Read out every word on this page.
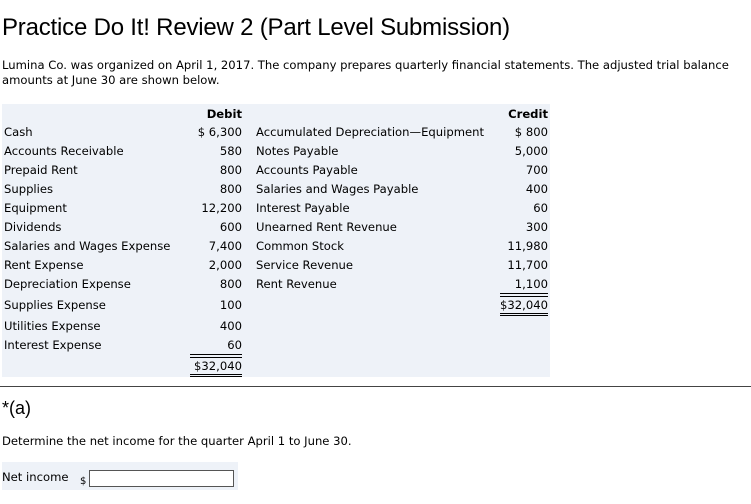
Practice Do It! Review 2 (Part Level Submission)
Lumina Co. was organized on April 1, 2017. The company prepares quarterly financial statements. The adjusted trial balance amounts at June 30 are shown below.
Debit	Credit
Cash
Accounts Receivable
Prepaid Rent
Supplies
Equipment
Dividends
Salaries and Wages Expense
Rent Expense
Depreciation Expense
Supplies Expense
Utilities Expense
Interest Expense
$ 6,300
580
800
800
12,200
600
7,400
2,000
800
100
400
60
$32,040
Accumulated Depreciation—Equipment
Notes Payable
Accounts Payable
Salaries and Wages Payable
Interest Payable
Unearned Rent Revenue
Common Stock
Service Revenue
Rent Revenue
$ 800
5,000
700
400
60
300
11,980
11,700
1,100
$32,040
*(a)
Determine the net income for the quarter April 1 to June 30.
Net income $
